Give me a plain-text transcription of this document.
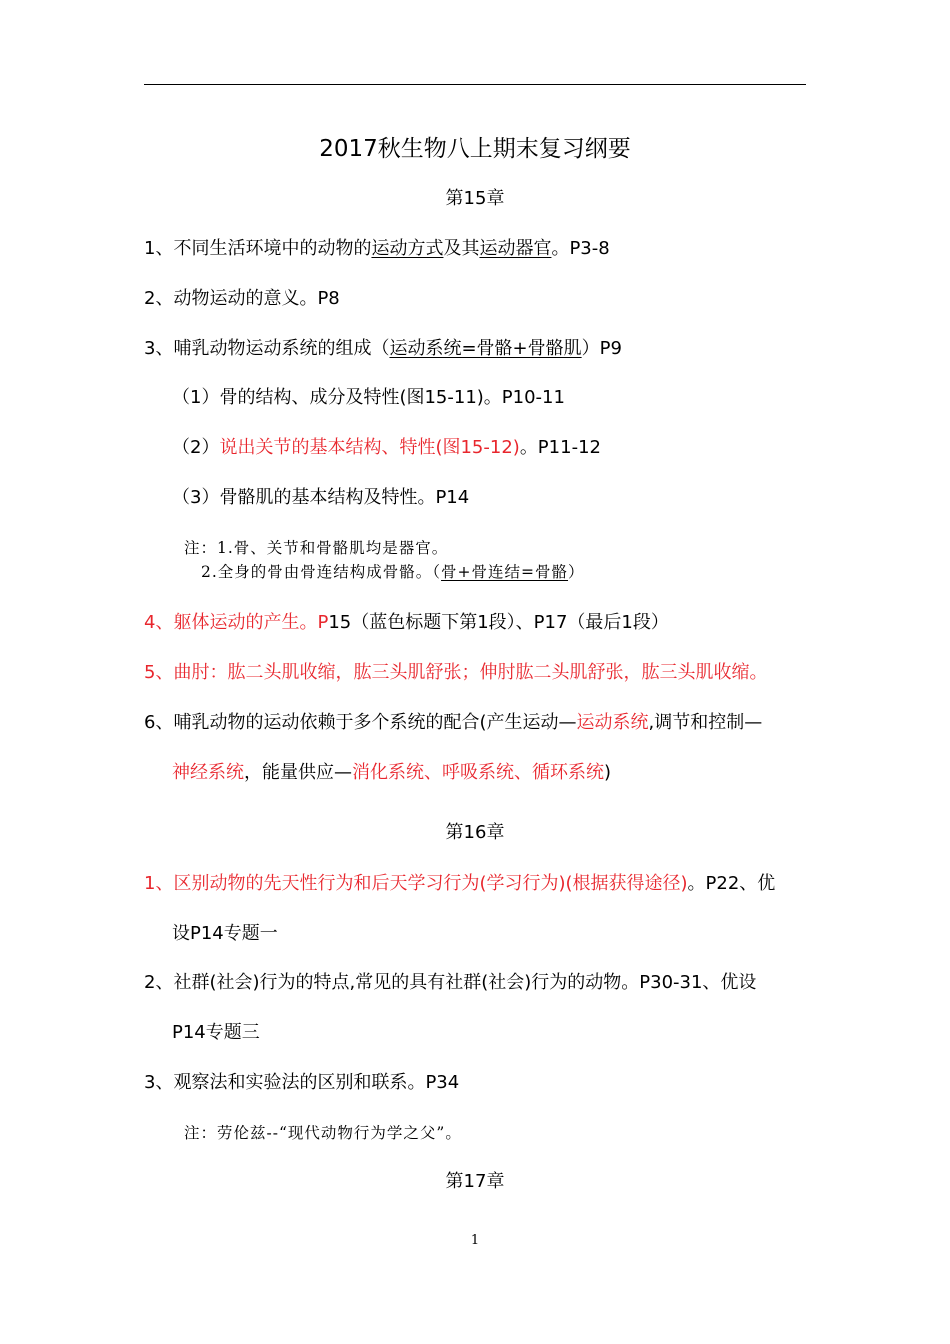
2017秋生物八上期末复习纲要
第15章
1、不同生活环境中的动物的运动方式及其运动器官。P3-8
2、动物运动的意义。P8
3、哺乳动物运动系统的组成（运动系统=骨骼+骨骼肌）P9
（1）骨的结构、成分及特性(图15-11)。P10-11
（2）说出关节的基本结构、特性(图15-12)。P11-12
（3）骨骼肌的基本结构及特性。P14
注：1.骨、关节和骨骼肌均是器官。
2.全身的骨由骨连结构成骨骼。（骨+骨连结=骨骼）
4、躯体运动的产生。P15（蓝色标题下第1段）、P17（最后1段）
5、曲肘：肱二头肌收缩，肱三头肌舒张；伸肘肱二头肌舒张，肱三头肌收缩。
6、哺乳动物的运动依赖于多个系统的配合(产生运动—运动系统,调节和控制—
神经系统，能量供应—消化系统、呼吸系统、循环系统)
第16章
1、区别动物的先天性行为和后天学习行为(学习行为)(根据获得途径)。P22、优
设P14专题一
2、社群(社会)行为的特点,常见的具有社群(社会)行为的动物。P30-31、优设
P14专题三
3、观察法和实验法的区别和联系。P34
注：劳伦兹--“现代动物行为学之父”。
第17章
1
